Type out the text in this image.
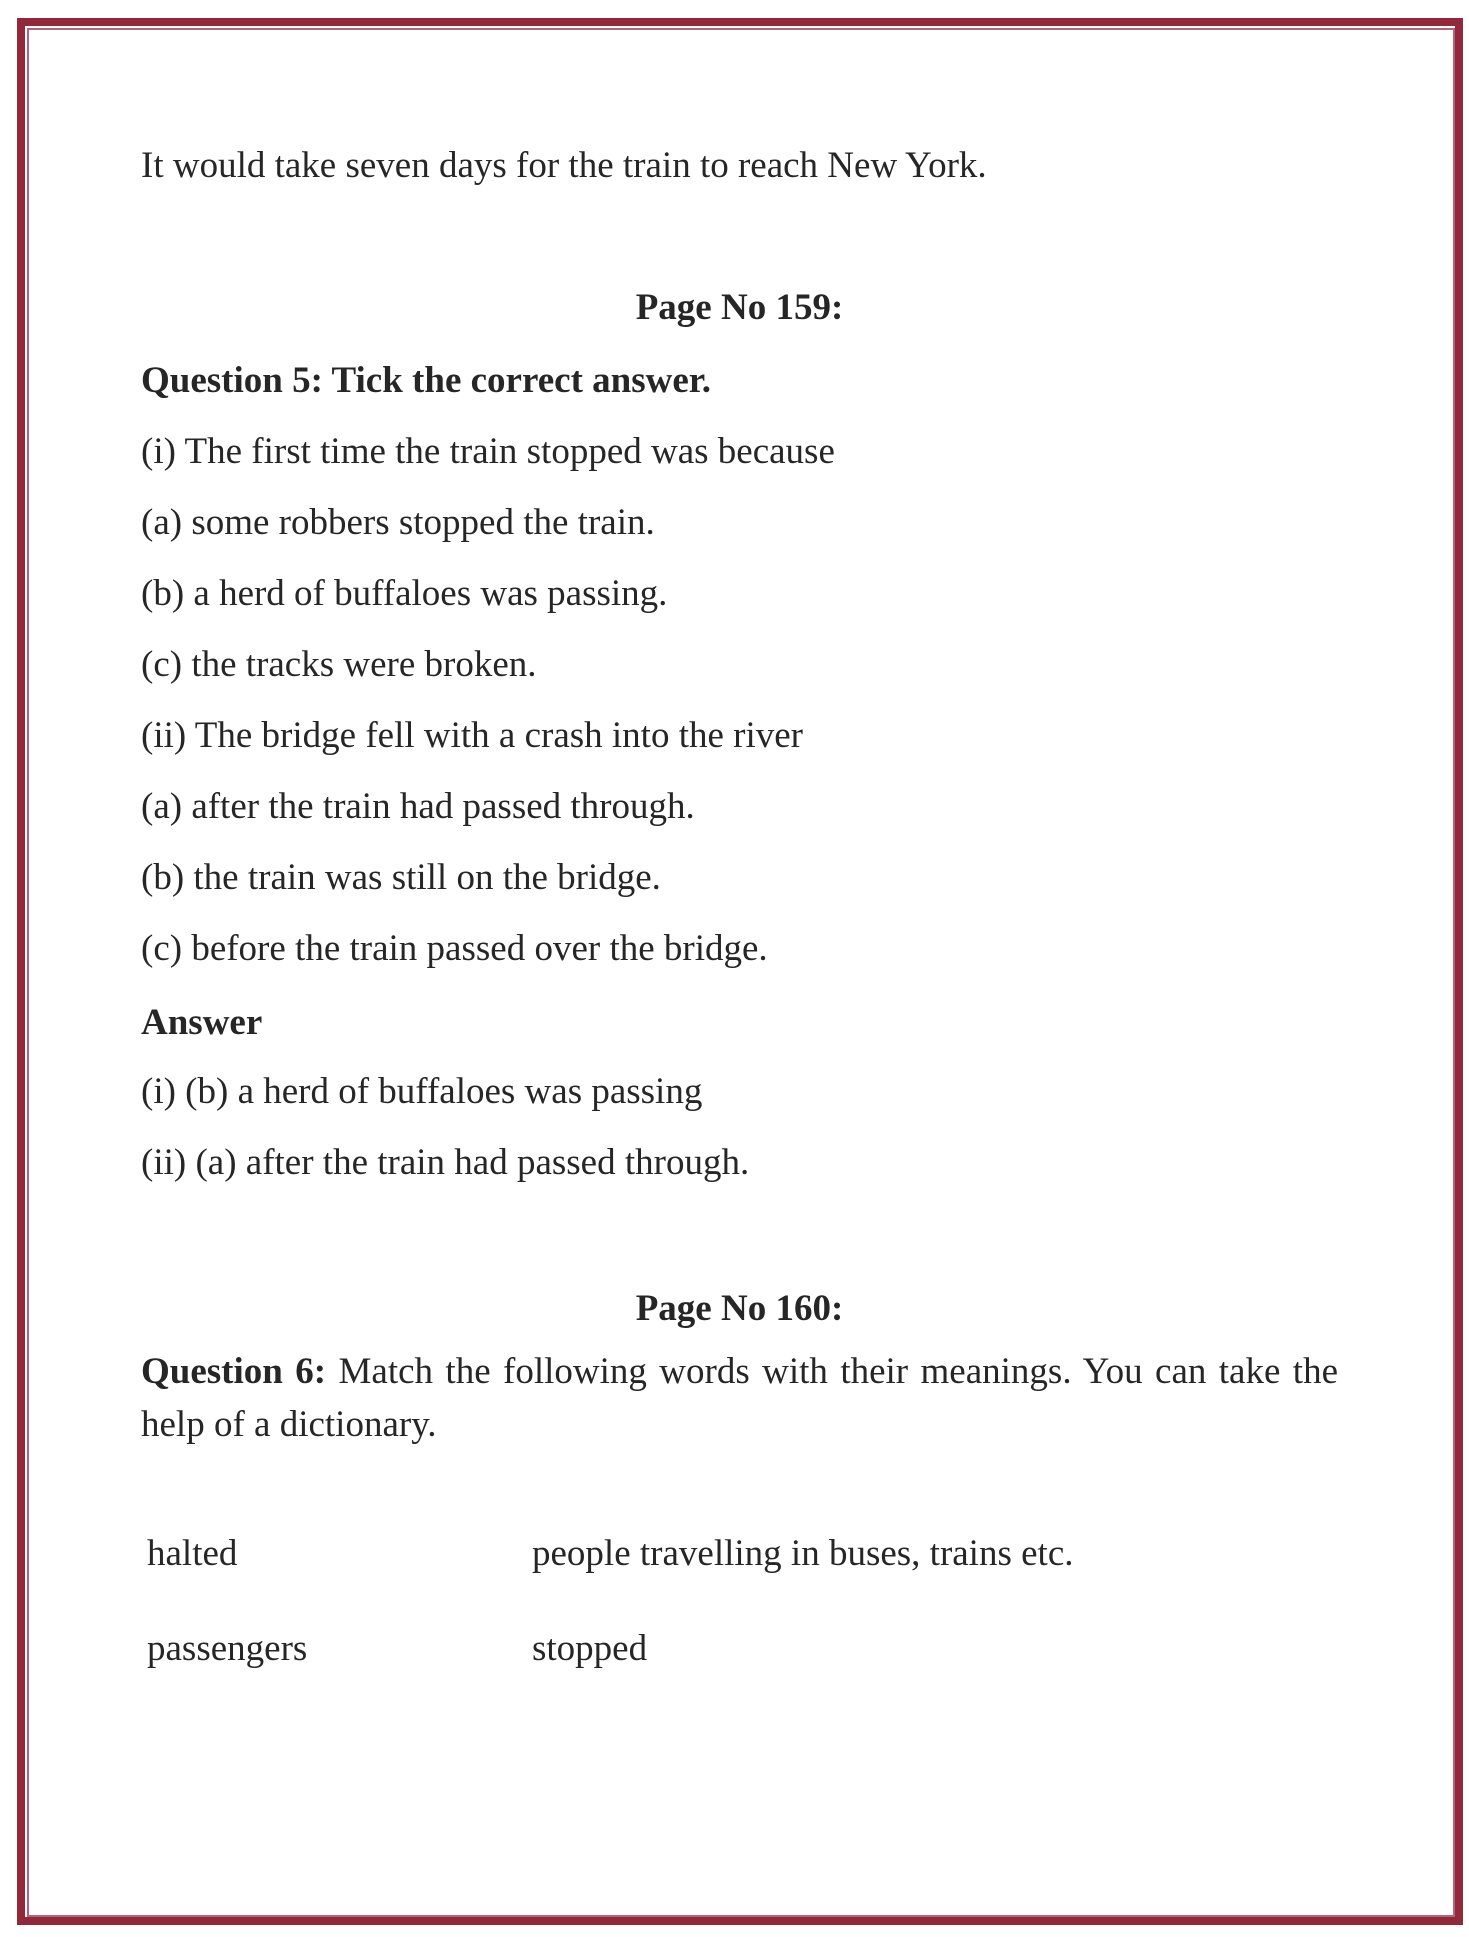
It would take seven days for the train to reach New York.
Page No 159:
Question 5: Tick the correct answer.
(i) The first time the train stopped was because
(a) some robbers stopped the train.
(b) a herd of buffaloes was passing.
(c) the tracks were broken.
(ii) The bridge fell with a crash into the river
(a) after the train had passed through.
(b) the train was still on the bridge.
(c) before the train passed over the bridge.
Answer
(i) (b) a herd of buffaloes was passing
(ii) (a) after the train had passed through.
Page No 160:
Question 6: Match the following words with their meanings. You can take the help of a dictionary.
halted	people travelling in buses, trains etc.
passengers	stopped
